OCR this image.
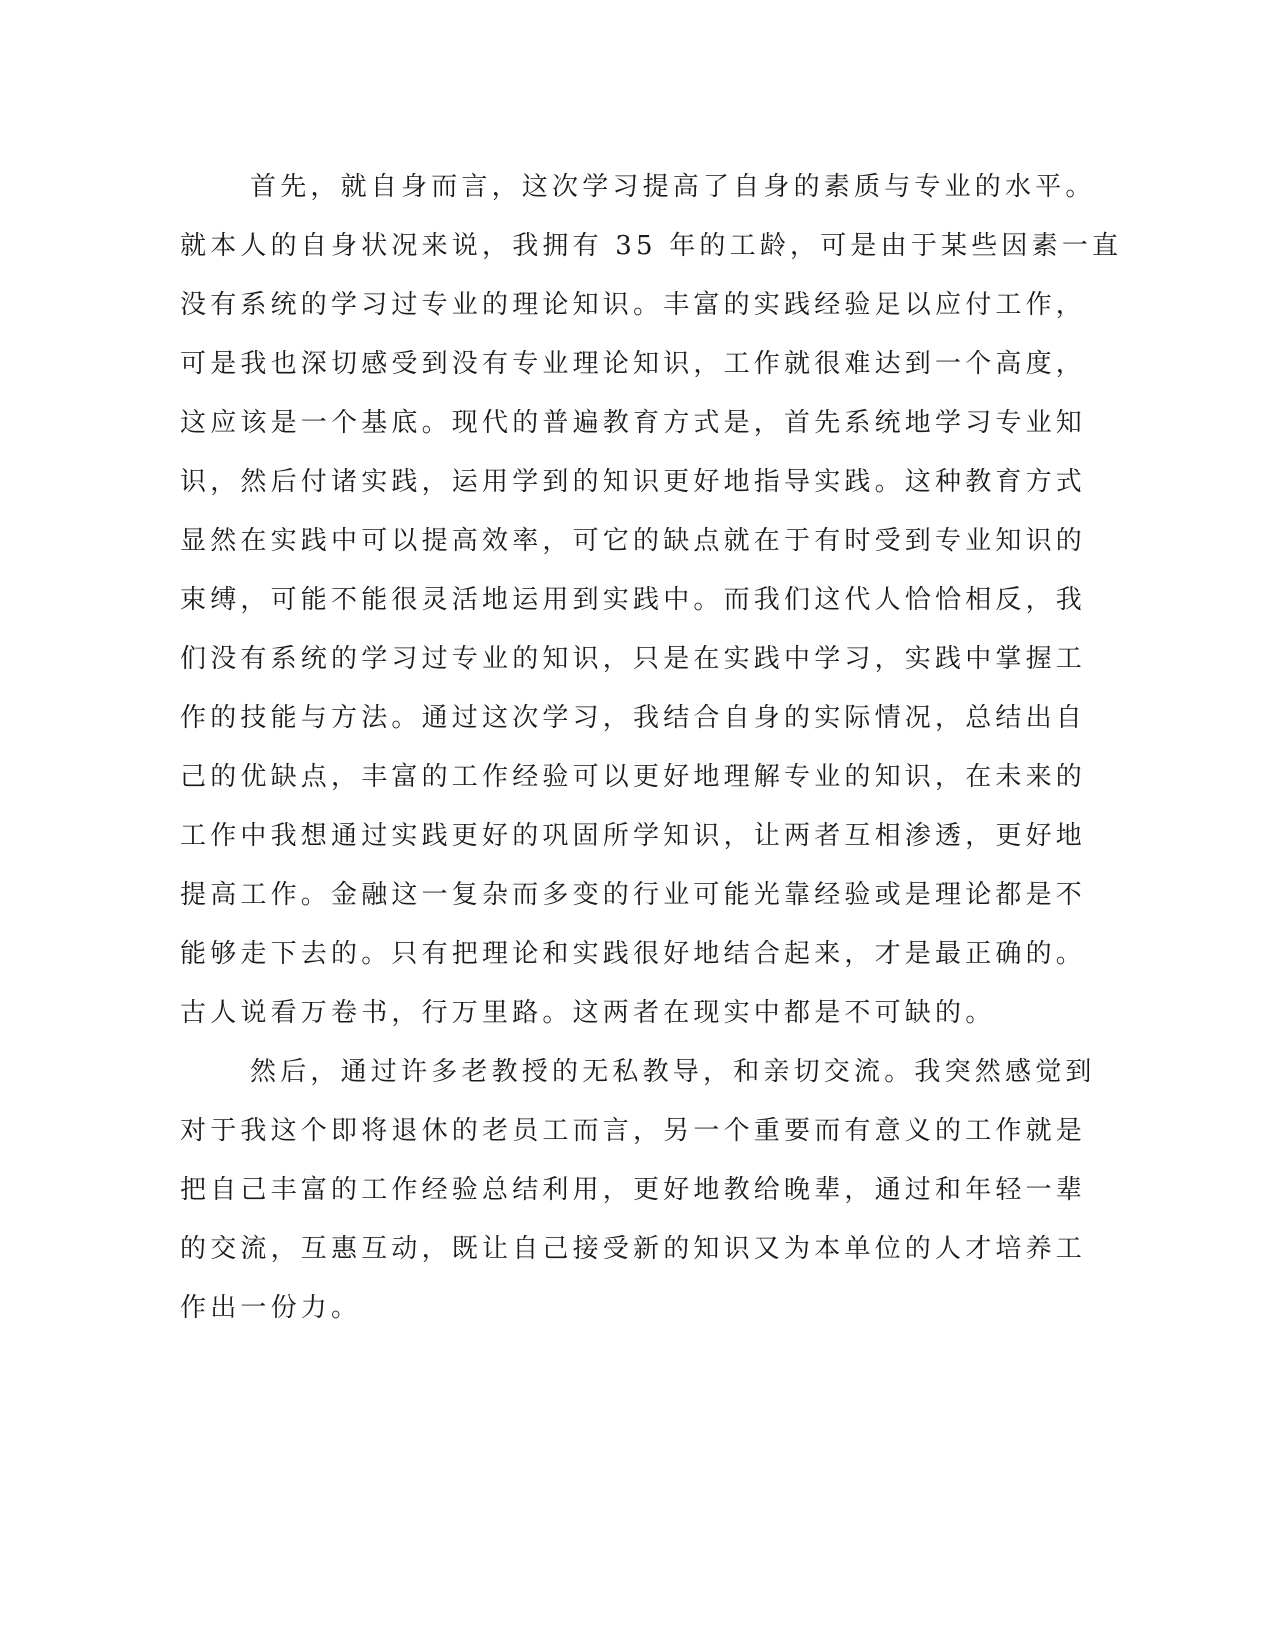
首先，就自身而言，这次学习提高了自身的素质与专业的水平。
就本人的自身状况来说，我拥有 35 年的工龄，可是由于某些因素一直
没有系统的学习过专业的理论知识。丰富的实践经验足以应付工作，
可是我也深切感受到没有专业理论知识，工作就很难达到一个高度，
这应该是一个基底。现代的普遍教育方式是，首先系统地学习专业知
识，然后付诸实践，运用学到的知识更好地指导实践。这种教育方式
显然在实践中可以提高效率，可它的缺点就在于有时受到专业知识的
束缚，可能不能很灵活地运用到实践中。而我们这代人恰恰相反，我
们没有系统的学习过专业的知识，只是在实践中学习，实践中掌握工
作的技能与方法。通过这次学习，我结合自身的实际情况，总结出自
己的优缺点，丰富的工作经验可以更好地理解专业的知识，在未来的
工作中我想通过实践更好的巩固所学知识，让两者互相渗透，更好地
提高工作。金融这一复杂而多变的行业可能光靠经验或是理论都是不
能够走下去的。只有把理论和实践很好地结合起来，才是最正确的。
古人说看万卷书，行万里路。这两者在现实中都是不可缺的。
然后，通过许多老教授的无私教导，和亲切交流。我突然感觉到
对于我这个即将退休的老员工而言，另一个重要而有意义的工作就是
把自己丰富的工作经验总结利用，更好地教给晚辈，通过和年轻一辈
的交流，互惠互动，既让自己接受新的知识又为本单位的人才培养工
作出一份力。
